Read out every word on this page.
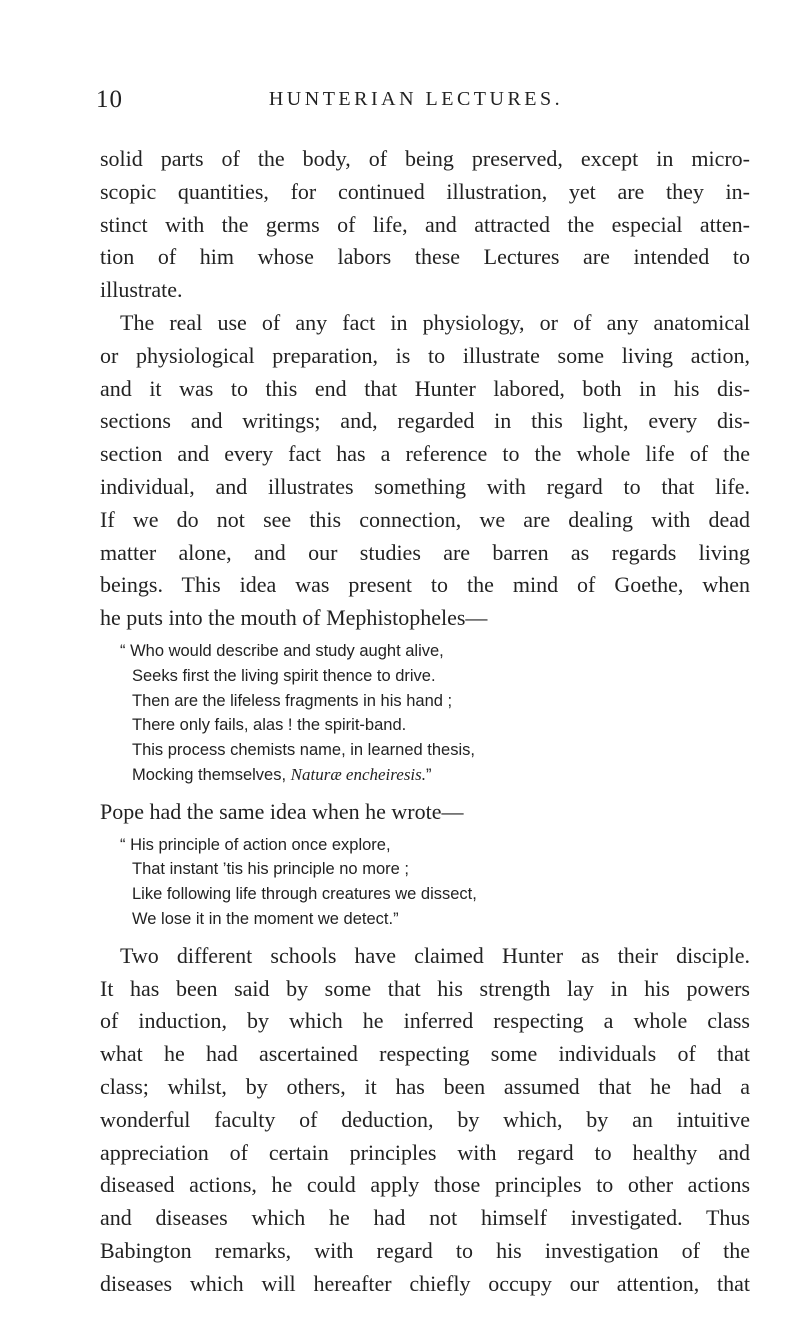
10	HUNTERIAN LECTURES.
solid parts of the body, of being preserved, except in micro-
scopic quantities, for continued illustration, yet are they in-
stinct with the germs of life, and attracted the especial atten-
tion of him whose labors these Lectures are intended to
illustrate.
The real use of any fact in physiology, or of any anatomical
or physiological preparation, is to illustrate some living action,
and it was to this end that Hunter labored, both in his dis-
sections and writings; and, regarded in this light, every dis-
section and every fact has a reference to the whole life of the
individual, and illustrates something with regard to that life.
If we do not see this connection, we are dealing with dead
matter alone, and our studies are barren as regards living
beings. This idea was present to the mind of Goethe, when
he puts into the mouth of Mephistopheles—
“ Who would describe and study aught alive,
Seeks first the living spirit thence to drive.
Then are the lifeless fragments in his hand ;
There only fails, alas ! the spirit-band.
This process chemists name, in learned thesis,
Mocking themselves, Naturæ encheiresis.”
Pope had the same idea when he wrote—
“ His principle of action once explore,
That instant ’tis his principle no more ;
Like following life through creatures we dissect,
We lose it in the moment we detect.”
Two different schools have claimed Hunter as their disciple.
It has been said by some that his strength lay in his powers
of induction, by which he inferred respecting a whole class
what he had ascertained respecting some individuals of that
class; whilst, by others, it has been assumed that he had a
wonderful faculty of deduction, by which, by an intuitive
appreciation of certain principles with regard to healthy and
diseased actions, he could apply those principles to other actions
and diseases which he had not himself investigated. Thus
Babington remarks, with regard to his investigation of the
diseases which will hereafter chiefly occupy our attention, that
